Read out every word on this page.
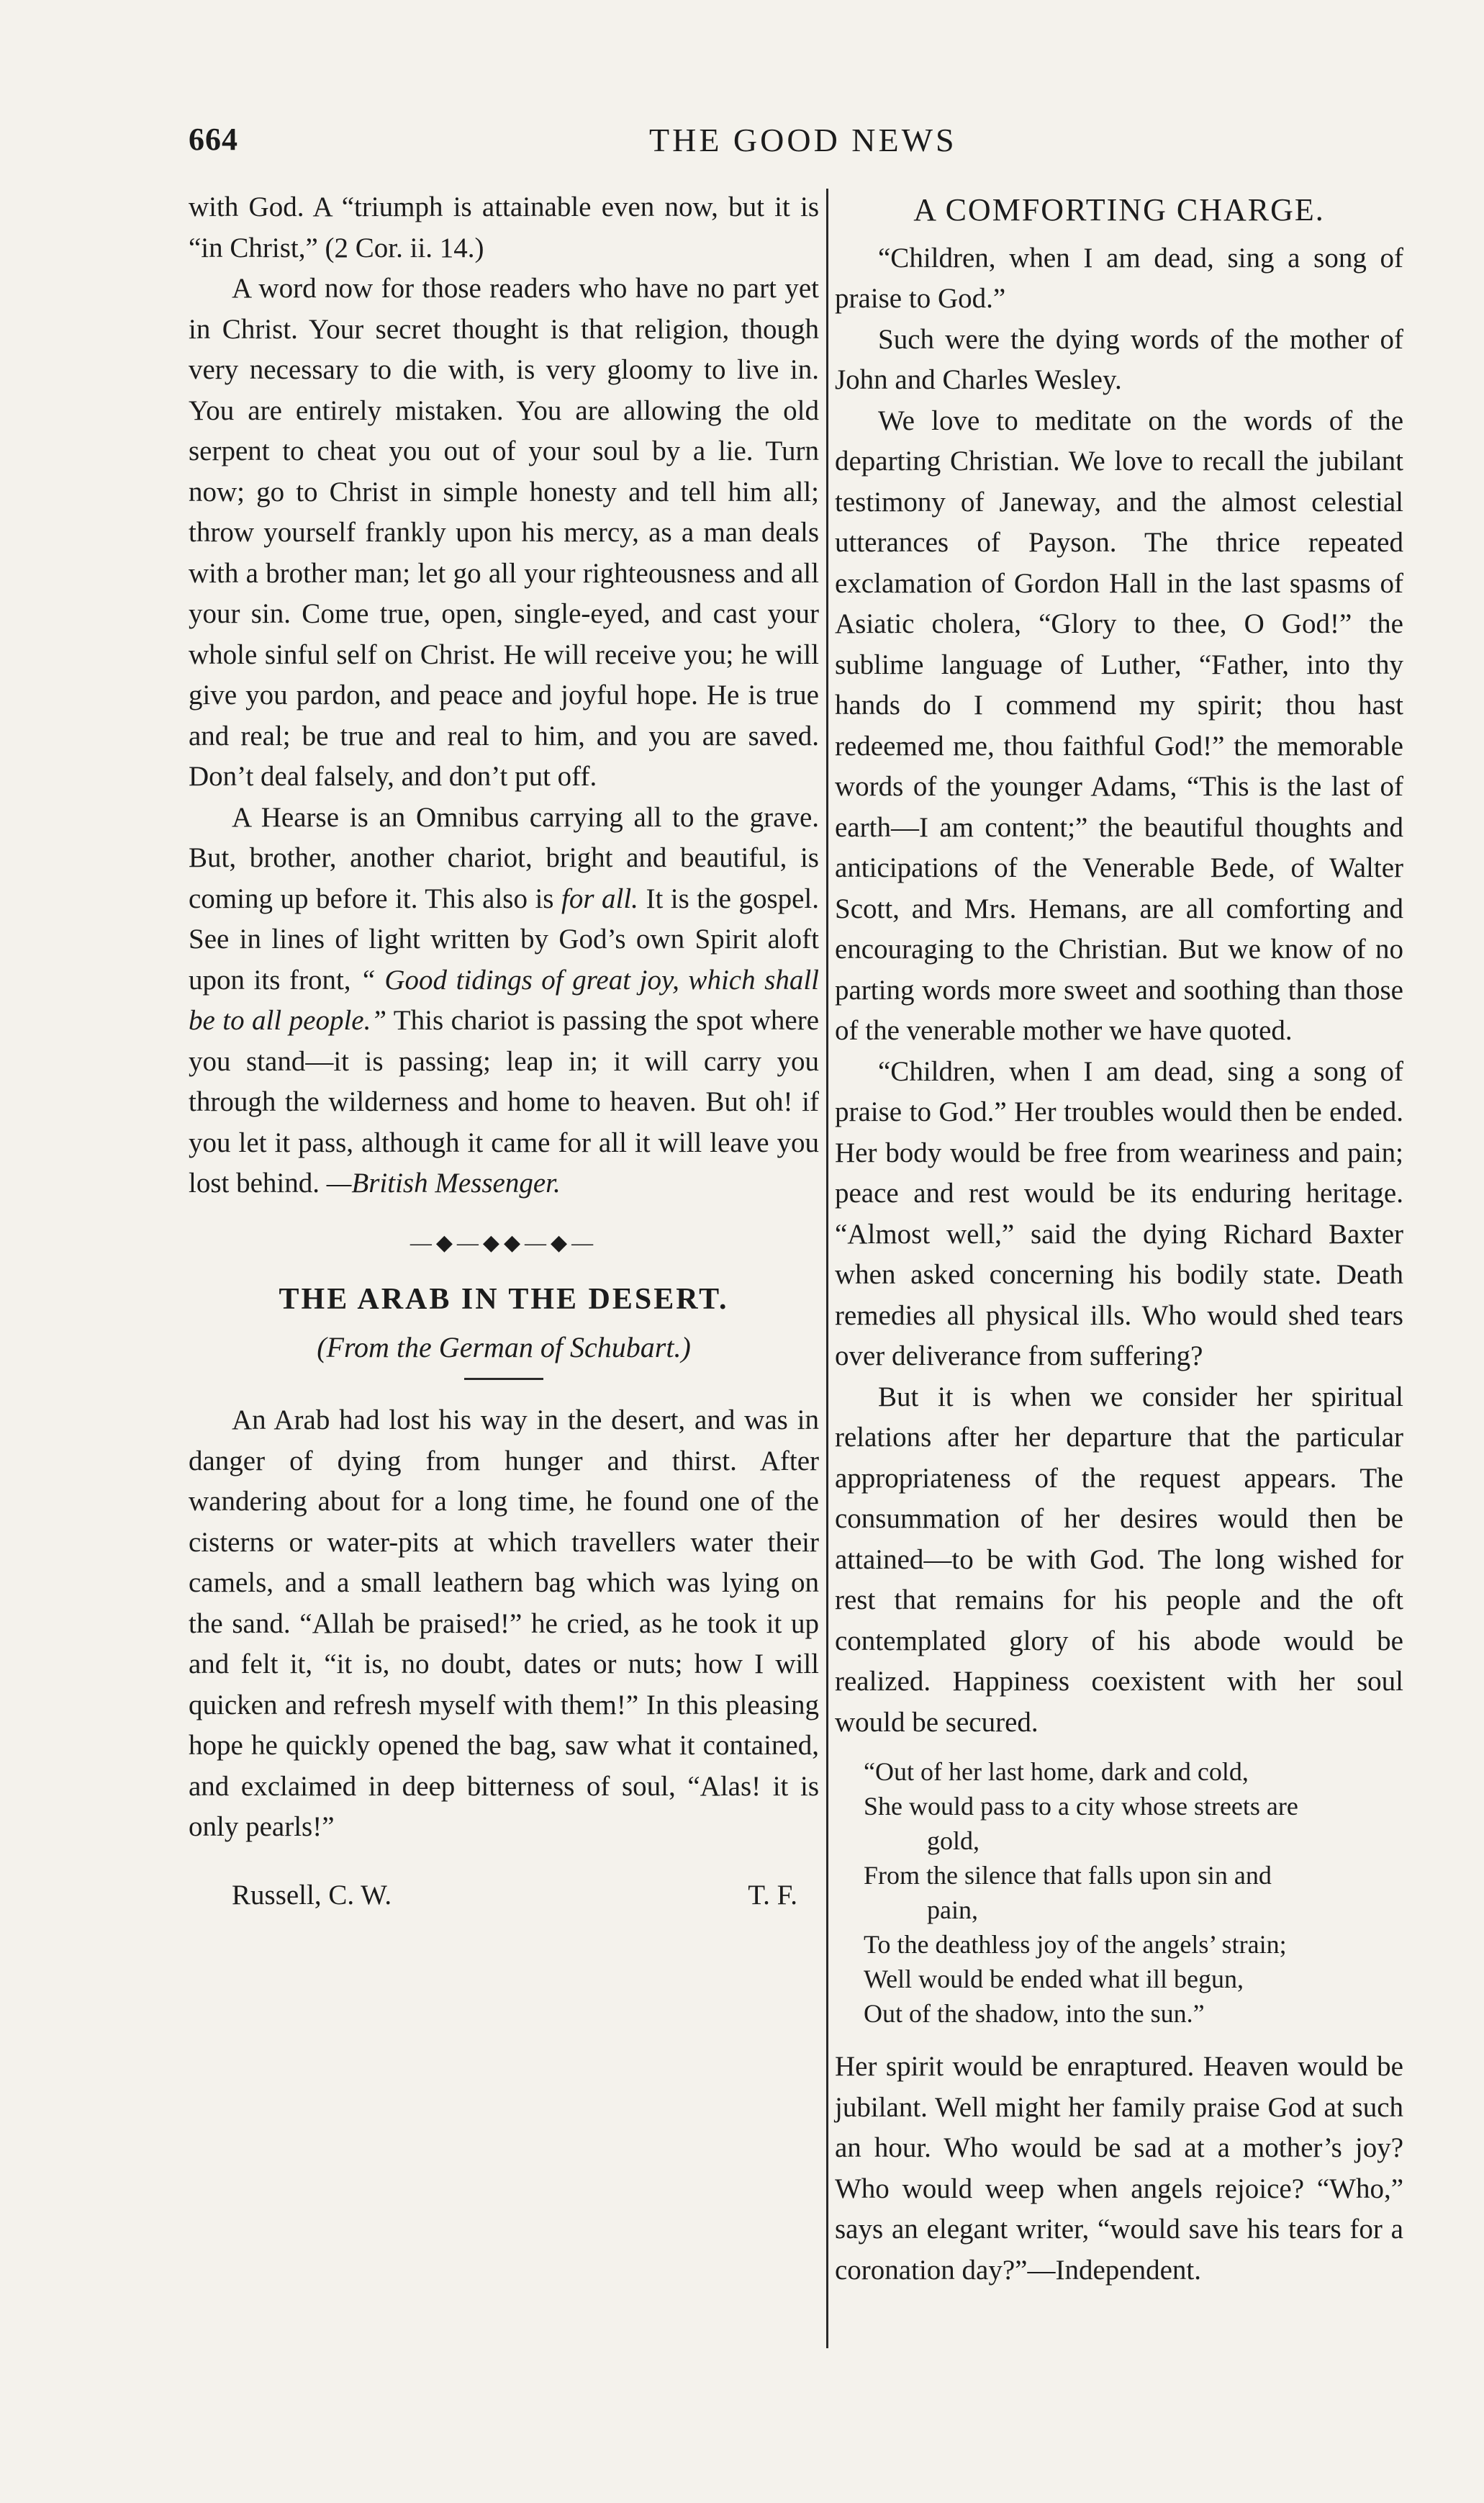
664	THE GOOD NEWS

with God. A “triumph is attainable even now, but it is “in Christ,” (2 Cor. ii. 14.)

A word now for those readers who have no part yet in Christ. Your secret thought is that religion, though very necessary to die with, is very gloomy to live in. You are entirely mistaken. You are allowing the old serpent to cheat you out of your soul by a lie. Turn now; go to Christ in simple honesty and tell him all; throw yourself frankly upon his mercy, as a man deals with a brother man; let go all your righteousness and all your sin. Come true, open, single-eyed, and cast your whole sinful self on Christ. He will receive you; he will give you pardon, and peace and joyful hope. He is true and real; be true and real to him, and you are saved. Don’t deal falsely, and don’t put off.

A Hearse is an Omnibus carrying all to the grave. But, brother, another chariot, bright and beautiful, is coming up before it. This also is for all. It is the gospel. See in lines of light written by God’s own Spirit aloft upon its front, “ Good tidings of great joy, which shall be to all people.” This chariot is passing the spot where you stand—it is passing; leap in; it will carry you through the wilderness and home to heaven. But oh! if you let it pass, although it came for all it will leave you lost behind. —British Messenger.

—◆—◆◆—◆—
THE ARAB IN THE DESERT.
(From the German of Schubart.)

An Arab had lost his way in the desert, and was in danger of dying from hunger and thirst. After wandering about for a long time, he found one of the cisterns or water-pits at which travellers water their camels, and a small leathern bag which was lying on the sand. “Allah be praised!” he cried, as he took it up and felt it, “it is, no doubt, dates or nuts; how I will quicken and refresh myself with them!” In this pleasing hope he quickly opened the bag, saw what it contained, and exclaimed in deep bitterness of soul, “Alas! it is only pearls!”

Russell, C. W.	T. F.
A COMFORTING CHARGE.

“Children, when I am dead, sing a song of praise to God.”

Such were the dying words of the mother of John and Charles Wesley.

We love to meditate on the words of the departing Christian. We love to recall the jubilant testimony of Janeway, and the almost celestial utterances of Payson. The thrice repeated exclamation of Gordon Hall in the last spasms of Asiatic cholera, “Glory to thee, O God!” the sublime language of Luther, “Father, into thy hands do I commend my spirit; thou hast redeemed me, thou faithful God!” the memorable words of the younger Adams, “This is the last of earth—I am content;” the beautiful thoughts and anticipations of the Venerable Bede, of Walter Scott, and Mrs. Hemans, are all comforting and encouraging to the Christian. But we know of no parting words more sweet and soothing than those of the venerable mother we have quoted.

“Children, when I am dead, sing a song of praise to God.” Her troubles would then be ended. Her body would be free from weariness and pain; peace and rest would be its enduring heritage. “Almost well,” said the dying Richard Baxter when asked concerning his bodily state. Death remedies all physical ills. Who would shed tears over deliverance from suffering?

But it is when we consider her spiritual relations after her departure that the particular appropriateness of the request appears. The consummation of her desires would then be attained—to be with God. The long wished for rest that remains for his people and the oft contemplated glory of his abode would be realized. Happiness coexistent with her soul would be secured.

“Out of her last home, dark and cold,
She would pass to a city whose streets are
gold,
From the silence that falls upon sin and
pain,
To the deathless joy of the angels’ strain;
Well would be ended what ill begun,
Out of the shadow, into the sun.”

Her spirit would be enraptured. Heaven would be jubilant. Well might her family praise God at such an hour. Who would be sad at a mother’s joy? Who would weep when angels rejoice? “Who,” says an elegant writer, “would save his tears for a coronation day?”—Independent.
